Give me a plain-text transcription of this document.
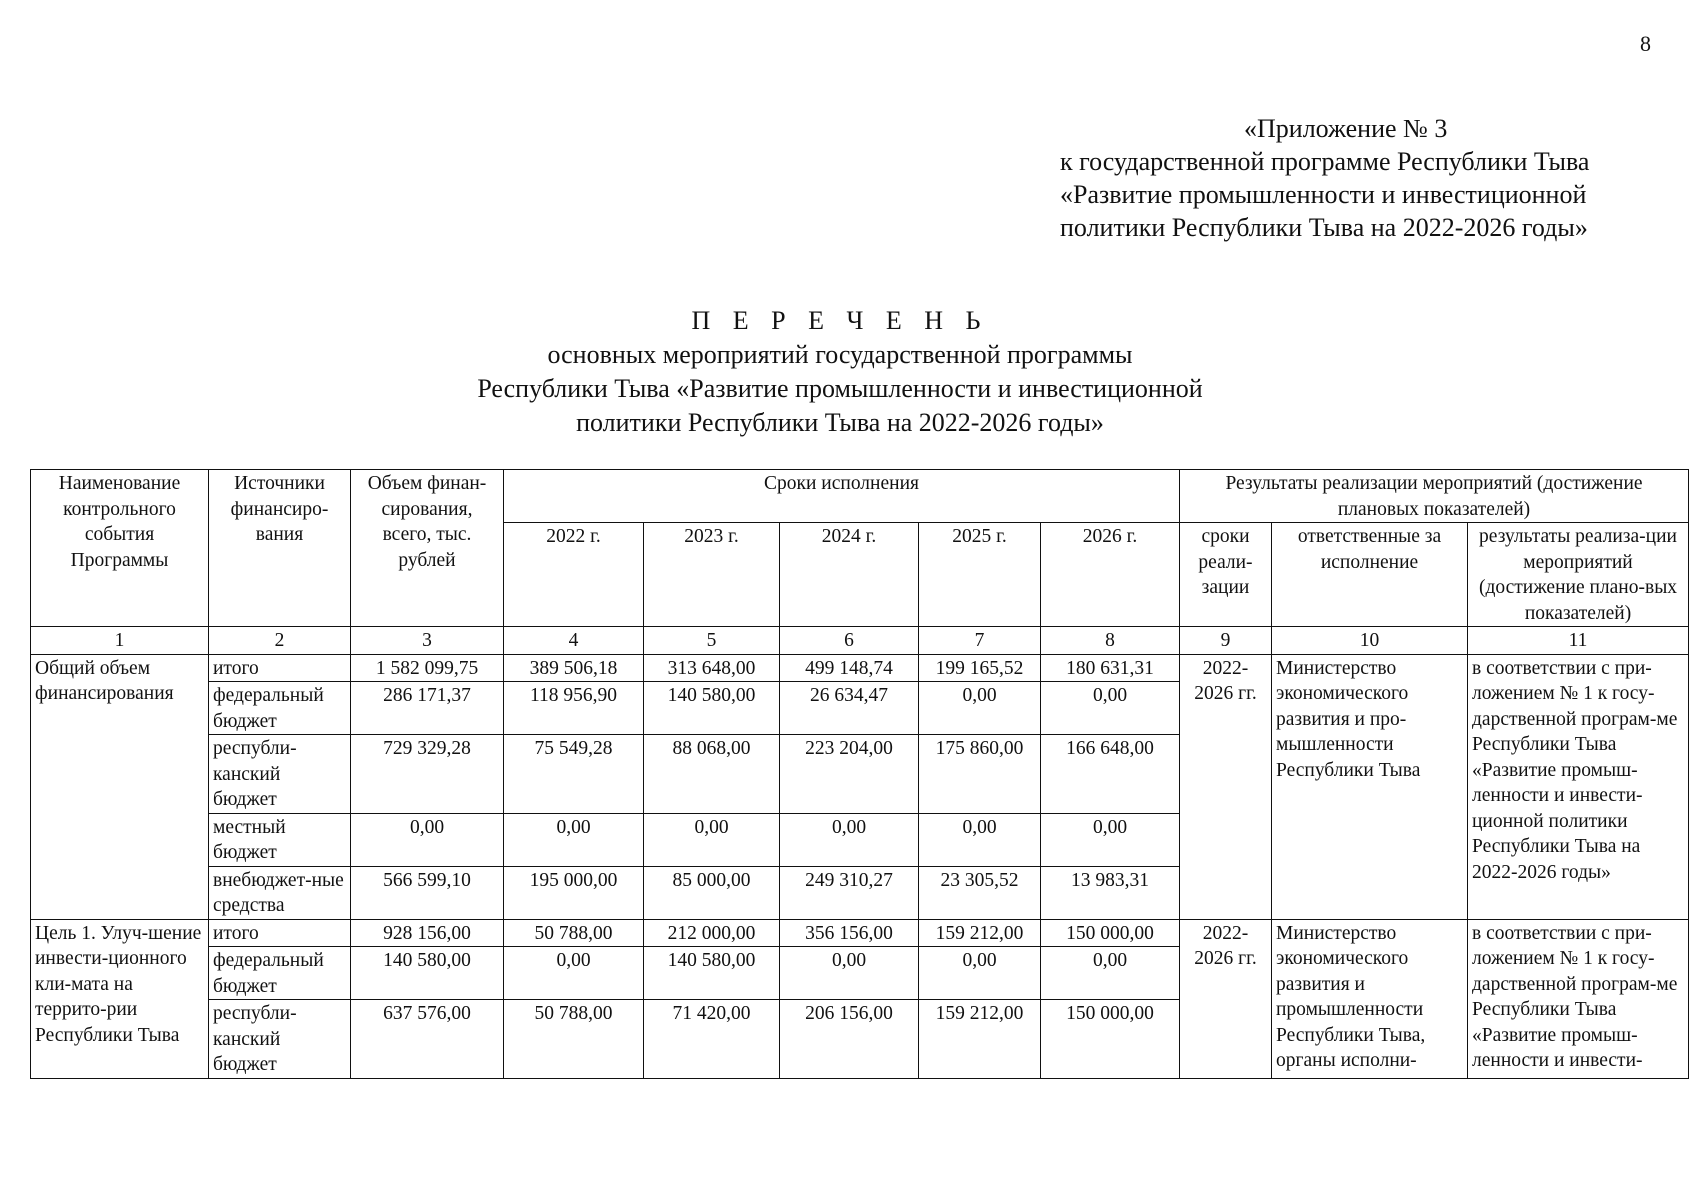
8
«Приложение № 3
к государственной программе Республики Тыва
«Развитие промышленности и инвестиционной
политики Республики Тыва на 2022-2026 годы»
П Е Р Е Ч Е Н Ь
основных мероприятий государственной программы
Республики Тыва «Развитие промышленности и инвестиционной
политики Республики Тыва на 2022-2026 годы»
Наименование контрольного события Программы	Источники финансиро-вания	Объем финан-сирования, всего, тыс. рублей	Сроки исполнения					Результаты реализации мероприятий (достижение плановых показателей)		
			2022 г.	2023 г.	2024 г.	2025 г.	2026 г.	сроки реали-зации	ответственные за исполнение	результаты реализа-ции мероприятий (достижение плано-вых показателей)
1	2	3	4	5	6	7	8	9	10	11
Общий объем финансирования	итого	1 582 099,75	389 506,18	313 648,00	499 148,74	199 165,52	180 631,31	2022-2026 гг.	Министерство экономического развития и про-мышленности Республики Тыва	в соответствии с при-ложением № 1 к госу-дарственной програм-ме Республики Тыва «Развитие промыш-ленности и инвести-ционной политики Республики Тыва на 2022-2026 годы»
	федеральный бюджет	286 171,37	118 956,90	140 580,00	26 634,47	0,00	0,00			
	республи-канский бюджет	729 329,28	75 549,28	88 068,00	223 204,00	175 860,00	166 648,00			
	местный бюджет	0,00	0,00	0,00	0,00	0,00	0,00			
	внебюджет-ные средства	566 599,10	195 000,00	85 000,00	249 310,27	23 305,52	13 983,31			
Цель 1. Улуч-шение инвести-ционного кли-мата на террито-рии Республики Тыва	итого	928 156,00	50 788,00	212 000,00	356 156,00	159 212,00	150 000,00	2022-2026 гг.	Министерство экономического развития и промышленности Республики Тыва, органы исполни-	в соответствии с при-ложением № 1 к госу-дарственной програм-ме Республики Тыва «Развитие промыш-ленности и инвести-
	федеральный бюджет	140 580,00	0,00	140 580,00	0,00	0,00	0,00			
	республи-канский бюджет	637 576,00	50 788,00	71 420,00	206 156,00	159 212,00	150 000,00			
